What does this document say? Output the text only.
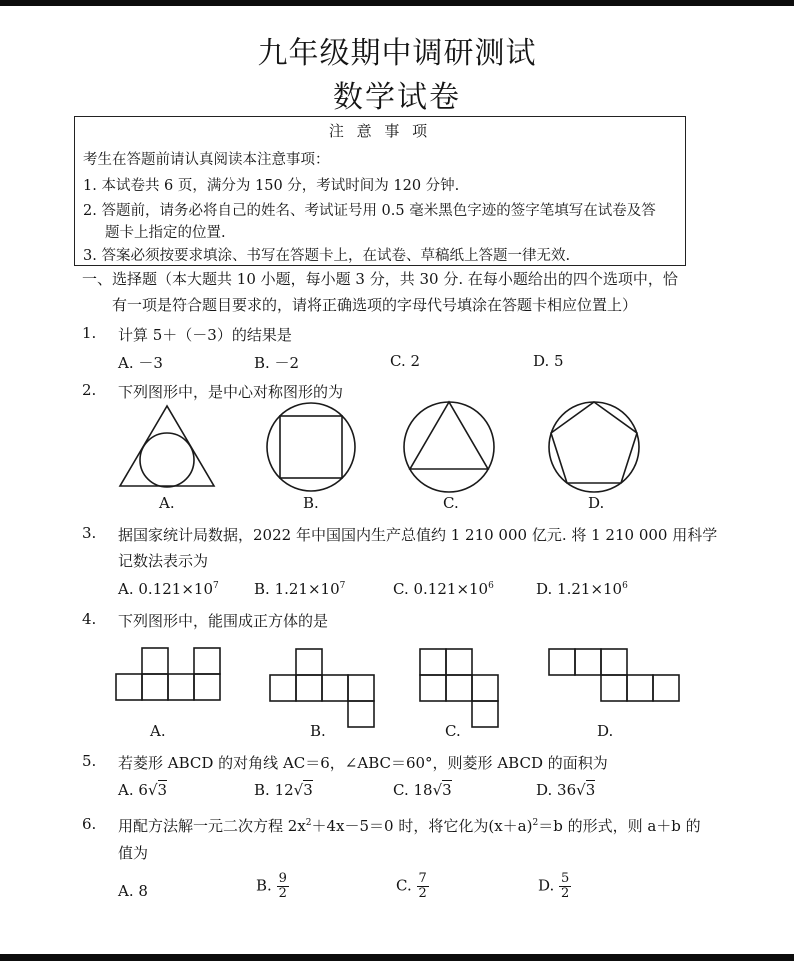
九年级期中调研测试
数学试卷
注 意 事 项
考生在答题前请认真阅读本注意事项：
1. 本试卷共 6 页，满分为 150 分，考试时间为 120 分钟.
2. 答题前，请务必将自己的姓名、考试证号用 0.5 毫米黑色字迹的签字笔填写在试卷及答
题卡上指定的位置.
3. 答案必须按要求填涂、书写在答题卡上，在试卷、草稿纸上答题一律无效.
一、选择题（本大题共 10 小题，每小题 3 分，共 30 分. 在每小题给出的四个选项中，恰
有一项是符合题目要求的，请将正确选项的字母代号填涂在答题卡相应位置上）
1. 计算 5＋（－3）的结果是
A. －3	B. －2	C. 2	D. 5
2. 下列图形中，是中心对称图形的为
A.	B.	C.	D.
3. 据国家统计局数据，2022 年中国国内生产总值约 1 210 000 亿元. 将 1 210 000 用科学
记数法表示为
A. $0.121\times 10^7$ B. $1.21\times 10^7$	C. $0.121\times 10^6$	D. $1.21\times 10^6$
4. 下列图形中，能围成正方体的是
A.	B.	C.	D.
5. 若菱形 ABCD 的对角线 AC＝6，∠ABC＝60°，则菱形 ABCD 的面积为
A. 6√3	B. 12√3	C. 18√3	D. 36√3
6. 用配方法解一元二次方程 $2x^2+4x-5=0$ 时，将它化为$(x+a)^2=b$ 的形式，则 a＋b 的
值为
A. 8	B. $\frac{9}{2}$	C. $\frac{7}{2}$	D. $\frac{5}{2}$
